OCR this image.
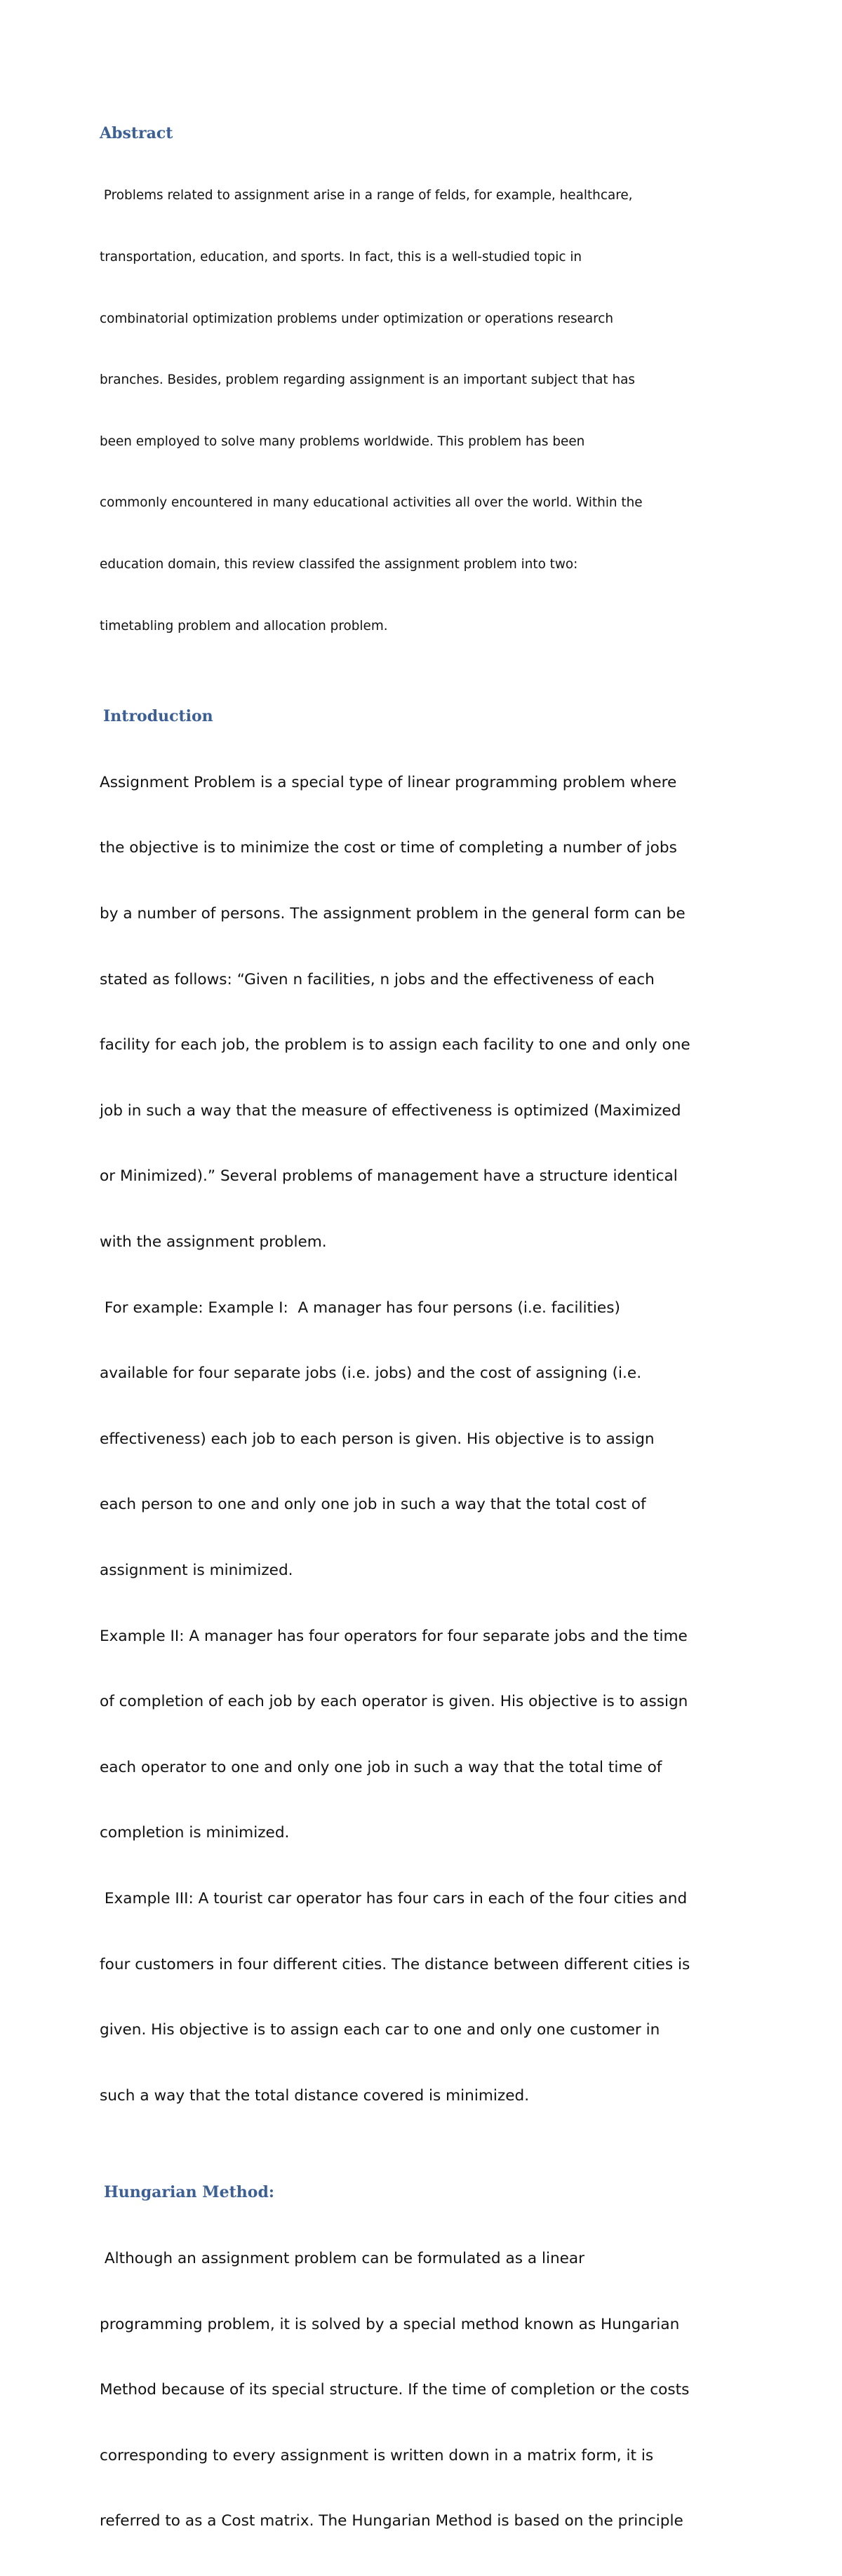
Abstract

Problems related to assignment arise in a range of felds, for example, healthcare,

transportation, education, and sports. In fact, this is a well-studied topic in

combinatorial optimization problems under optimization or operations research

branches. Besides, problem regarding assignment is an important subject that has

been employed to solve many problems worldwide. This problem has been

commonly encountered in many educational activities all over the world. Within the

education domain, this review classifed the assignment problem into two:

timetabling problem and allocation problem.

Introduction

Assignment Problem is a special type of linear programming problem where

the objective is to minimize the cost or time of completing a number of jobs

by a number of persons. The assignment problem in the general form can be

stated as follows: “Given n facilities, n jobs and the effectiveness of each

facility for each job, the problem is to assign each facility to one and only one

job in such a way that the measure of effectiveness is optimized (Maximized

or Minimized).” Several problems of management have a structure identical

with the assignment problem.

For example: Example I:  A manager has four persons (i.e. facilities)

available for four separate jobs (i.e. jobs) and the cost of assigning (i.e.

effectiveness) each job to each person is given. His objective is to assign

each person to one and only one job in such a way that the total cost of

assignment is minimized.

Example II: A manager has four operators for four separate jobs and the time

of completion of each job by each operator is given. His objective is to assign

each operator to one and only one job in such a way that the total time of

completion is minimized.

Example III: A tourist car operator has four cars in each of the four cities and

four customers in four different cities. The distance between different cities is

given. His objective is to assign each car to one and only one customer in

such a way that the total distance covered is minimized.

Hungarian Method:

Although an assignment problem can be formulated as a linear

programming problem, it is solved by a special method known as Hungarian

Method because of its special structure. If the time of completion or the costs

corresponding to every assignment is written down in a matrix form, it is

referred to as a Cost matrix. The Hungarian Method is based on the principle
